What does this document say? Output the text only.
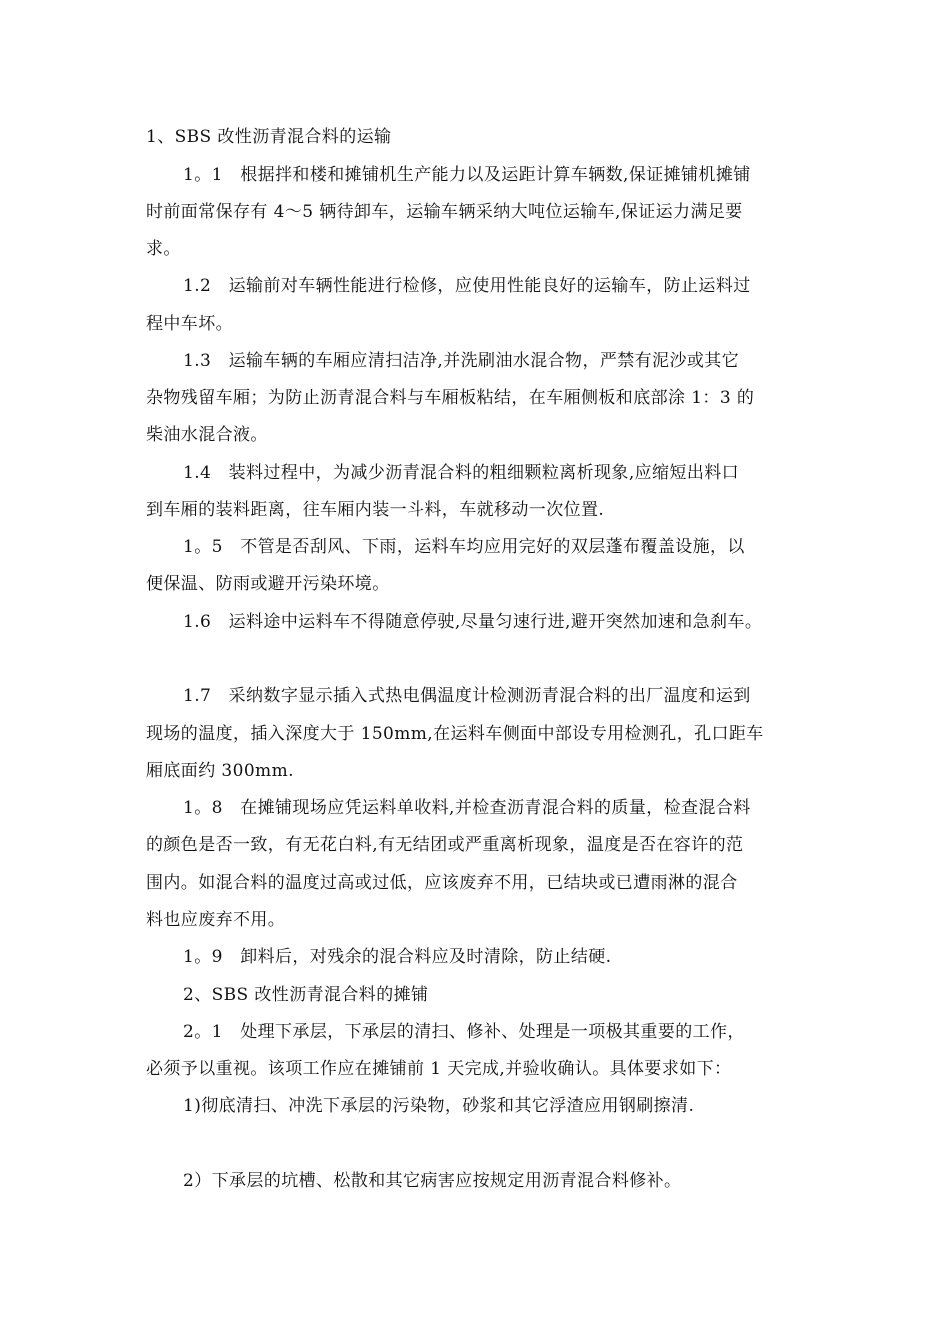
1、SBS 改性沥青混合料的运输
1。1　根据拌和楼和摊铺机生产能力以及运距计算车辆数,保证摊铺机摊铺
时前面常保存有 4～5 辆待卸车，运输车辆采纳大吨位运输车,保证运力满足要
求。
1.2　运输前对车辆性能进行检修，应使用性能良好的运输车，防止运料过
程中车坏。
1.3　运输车辆的车厢应清扫洁净,并洗刷油水混合物，严禁有泥沙或其它
杂物残留车厢；为防止沥青混合料与车厢板粘结，在车厢侧板和底部涂 1：3 的
柴油水混合液。
1.4　装料过程中，为减少沥青混合料的粗细颗粒离析现象,应缩短出料口
到车厢的装料距离，往车厢内装一斗料，车就移动一次位置.
1。5　不管是否刮风、下雨，运料车均应用完好的双层蓬布覆盖设施，以
便保温、防雨或避开污染环境。
1.6　运料途中运料车不得随意停驶,尽量匀速行进,避开突然加速和急刹车。
1.7　采纳数字显示插入式热电偶温度计检测沥青混合料的出厂温度和运到
现场的温度，插入深度大于 150mm,在运料车侧面中部设专用检测孔，孔口距车
厢底面约 300mm.
1。8　在摊铺现场应凭运料单收料,并检查沥青混合料的质量，检查混合料
的颜色是否一致，有无花白料,有无结团或严重离析现象，温度是否在容许的范
围内。如混合料的温度过高或过低，应该废弃不用，已结块或已遭雨淋的混合
料也应废弃不用。
1。9　卸料后，对残余的混合料应及时清除，防止结硬.
2、SBS 改性沥青混合料的摊铺
2。1　处理下承层，下承层的清扫、修补、处理是一项极其重要的工作，
必须予以重视。该项工作应在摊铺前 1 天完成,并验收确认。具体要求如下：
1)彻底清扫、冲洗下承层的污染物，砂浆和其它浮渣应用钢刷擦清.
2）下承层的坑槽、松散和其它病害应按规定用沥青混合料修补。
